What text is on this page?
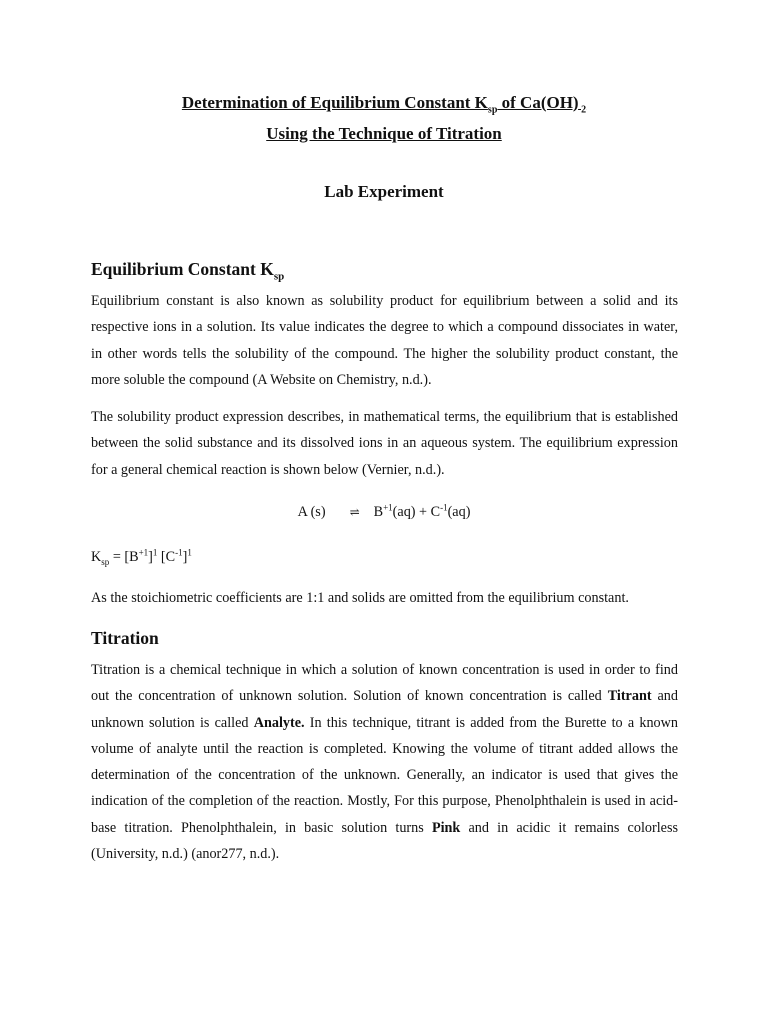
Determination of Equilibrium Constant $K_{sp}$ of Ca(OH) $_2$
Using the Technique of Titration
Lab Experiment
Equilibrium Constant $K_{sp}$

Equilibrium constant is also known as solubility product for equilibrium between a solid and its respective ions in a solution. Its value indicates the degree to which a compound dissociates in water, in other words tells the solubility of the compound. The higher the solubility product constant, the more soluble the compound (A Website on Chemistry, n.d.).

The solubility product expression describes, in mathematical terms, the equilibrium that is established between the solid substance and its dissolved ions in an aqueous system. The equilibrium expression for a general chemical reaction is shown below (Vernier, n.d.).

A (s) ⇌ $B^{+1}(aq) + C^{-1}(aq)$
$K_{sp} = [B^{+1}]^1$ $[C^{-1}]^1$

As the stoichiometric coefficients are 1:1 and solids are omitted from the equilibrium constant.

Titration

Titration is a chemical technique in which a solution of known concentration is used in order to find out the concentration of unknown solution. Solution of known concentration is called Titrant and unknown solution is called Analyte. In this technique, titrant is added from the Burette to a known volume of analyte until the reaction is completed. Knowing the volume of titrant added allows the determination of the concentration of the unknown. Generally, an indicator is used that gives the indication of the completion of the reaction. Mostly, For this purpose, Phenolphthalein is used in acid-base titration. Phenolphthalein, in basic solution turns Pink and in acidic it remains colorless (University, n.d.) (anor277, n.d.).
